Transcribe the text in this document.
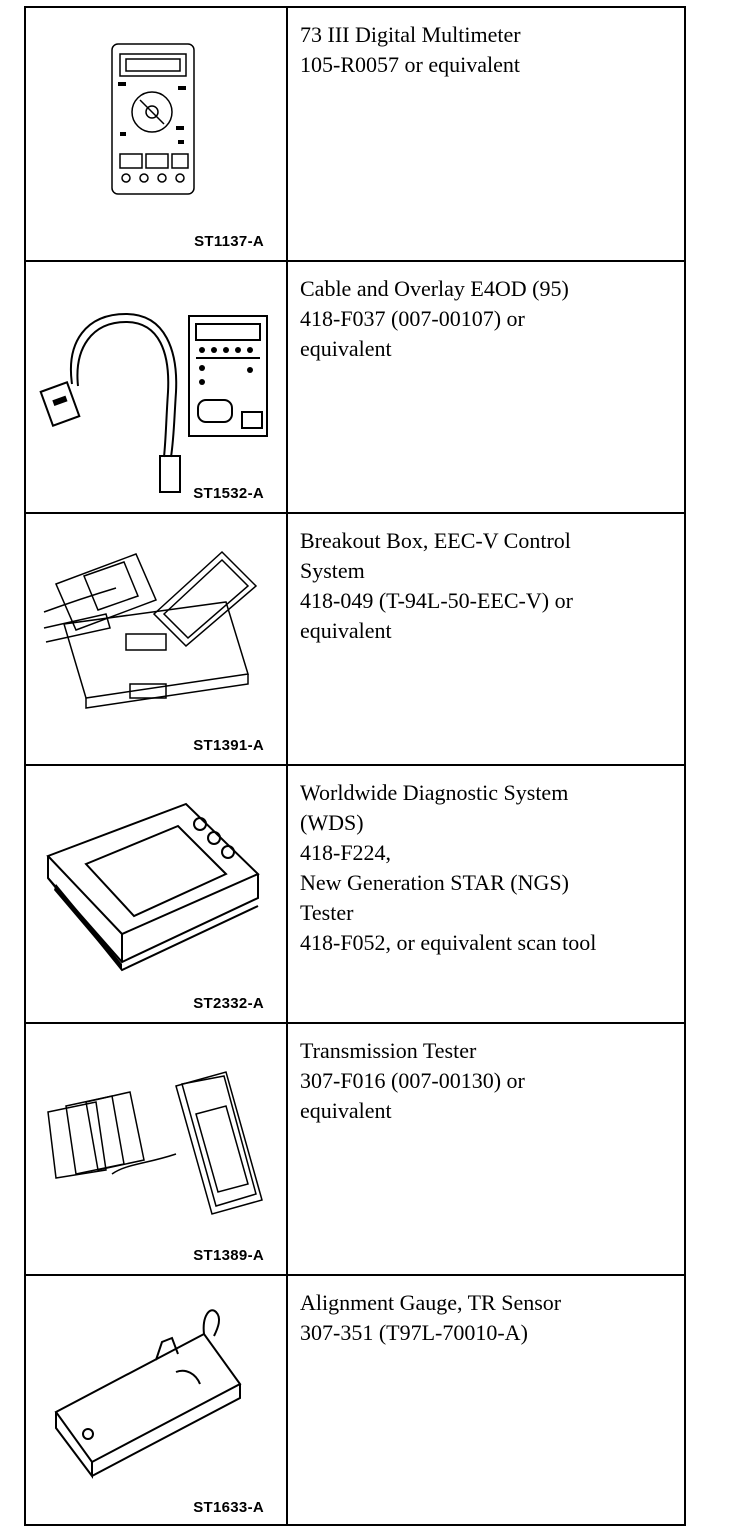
ST1137-A
73 III Digital Multimeter
105-R0057 or equivalent
ST1532-A
Cable and Overlay E4OD (95)
418-F037 (007-00107) or
equivalent
ST1391-A
Breakout Box, EEC-V Control
System
418-049 (T-94L-50-EEC-V) or
equivalent
ST2332-A
Worldwide Diagnostic System
(WDS)
418-F224,
New Generation STAR (NGS)
Tester
418-F052, or equivalent scan tool
ST1389-A
Transmission Tester
307-F016 (007-00130) or
equivalent
ST1633-A
Alignment Gauge, TR Sensor
307-351 (T97L-70010-A)
